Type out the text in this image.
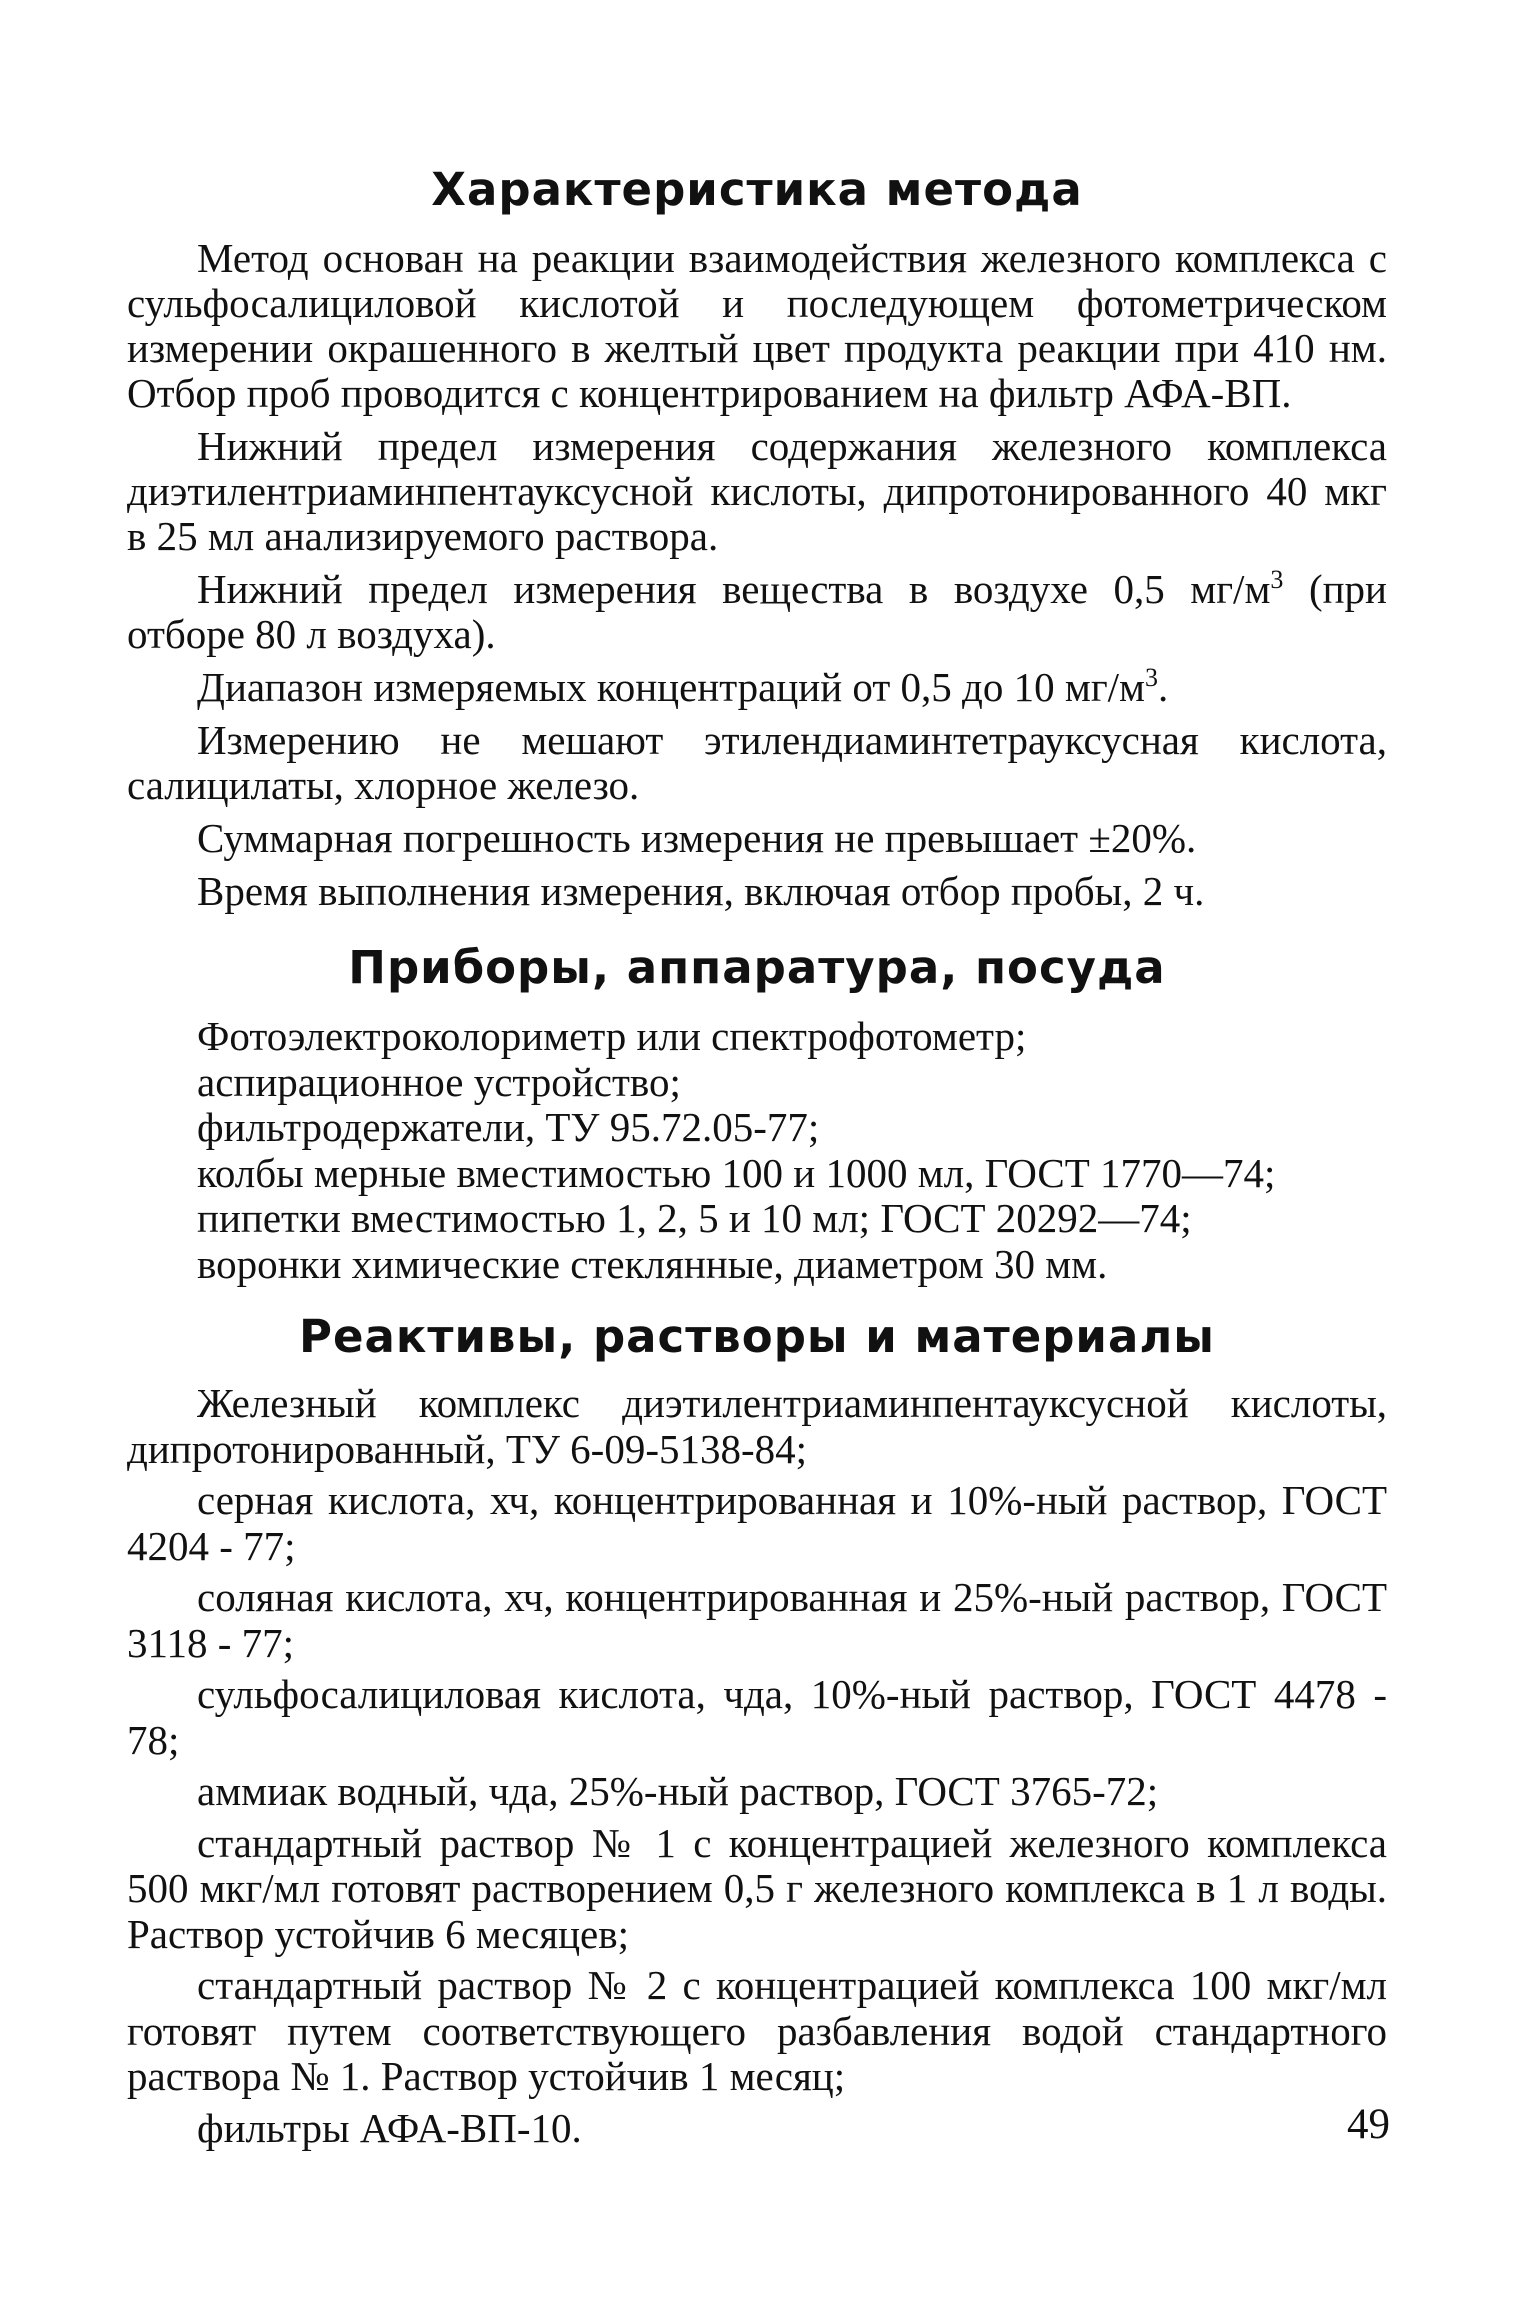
Характеристика метода

Метод основан на реакции взаимодействия железного комплекса с сульфосалициловой кислотой и последующем фотометрическом измерении окрашенного в желтый цвет продукта реакции при 410 нм. Отбор проб проводится с концентрированием на фильтр АФА-ВП.

Нижний предел измерения содержания железного комплекса диэтилентриаминпентауксусной кислоты, дипротонированного 40 мкг в 25 мл анализируемого раствора.

Нижний предел измерения вещества в воздухе 0,5 $мг/м^3$ (при отборе 80 л воздуха).

Диапазон измеряемых концентраций от 0,5 до 10 $мг/м^3$.

Измерению не мешают этилендиаминтетрауксусная кислота, салицилаты, хлорное железо.

Суммарная погрешность измерения не превышает ±20%.

Время выполнения измерения, включая отбор пробы, 2 ч.

Приборы, аппаратура, посуда
Фотоэлектроколориметр или спектрофотометр;
аспирационное устройство;
фильтродержатели, ТУ 95.72.05-77;
колбы мерные вместимостью 100 и 1000 мл, ГОСТ 1770—74;
пипетки вместимостью 1, 2, 5 и 10 мл; ГОСТ 20292—74;
воронки химические стеклянные, диаметром 30 мм.
Реактивы, растворы и материалы

Железный комплекс диэтилентриаминпентауксусной кислоты, дипротонированный, ТУ 6-09-5138-84;

серная кислота, хч, концентрированная и 10%-ный раствор, ГОСТ 4204 - 77;

соляная кислота, хч, концентрированная и 25%-ный раствор, ГОСТ 3118 - 77;

сульфосалициловая кислота, чда, 10%-ный раствор, ГОСТ 4478 - 78;

аммиак водный, чда, 25%-ный раствор, ГОСТ 3765-72;

стандартный раствор № 1 с концентрацией железного комплекса 500 мкг/мл готовят растворением 0,5 г железного комплекса в 1 л воды. Раствор устойчив 6 месяцев;

стандартный раствор № 2 с концентрацией комплекса 100 мкг/мл готовят путем соответствующего разбавления водой стандартного раствора № 1. Раствор устойчив 1 месяц;

фильтры АФА-ВП-10.	49
